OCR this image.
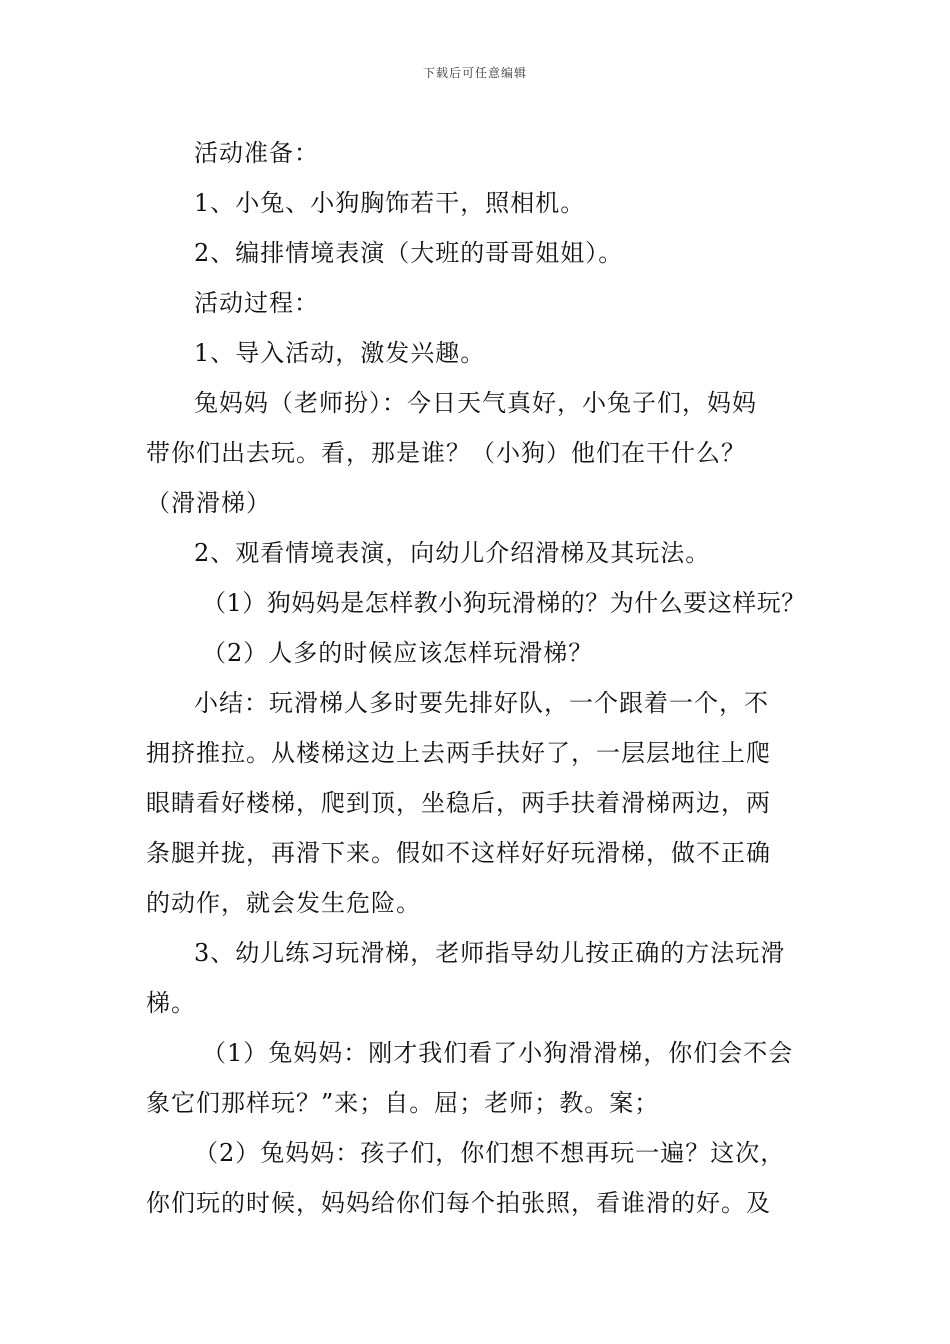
下载后可任意编辑
活动准备：
1、小兔、小狗胸饰若干，照相机。
2、编排情境表演（大班的哥哥姐姐）。
活动过程：
1、导入活动，激发兴趣。
兔妈妈（老师扮）：今日天气真好，小兔子们，妈妈
带你们出去玩。看，那是谁？（小狗）他们在干什么？
（滑滑梯）
2、观看情境表演，向幼儿介绍滑梯及其玩法。
（1）狗妈妈是怎样教小狗玩滑梯的？为什么要这样玩？
（2）人多的时候应该怎样玩滑梯？
小结：玩滑梯人多时要先排好队，一个跟着一个，不
拥挤推拉。从楼梯这边上去两手扶好了，一层层地往上爬
眼睛看好楼梯，爬到顶，坐稳后，两手扶着滑梯两边，两
条腿并拢，再滑下来。假如不这样好好玩滑梯，做不正确
的动作，就会发生危险。
3、幼儿练习玩滑梯，老师指导幼儿按正确的方法玩滑
梯。
（1）兔妈妈：刚才我们看了小狗滑滑梯，你们会不会
象它们那样玩？”来；自。屈；老师；教。案；
（2）兔妈妈：孩子们，你们想不想再玩一遍？这次，
你们玩的时候，妈妈给你们每个拍张照，看谁滑的好。及
